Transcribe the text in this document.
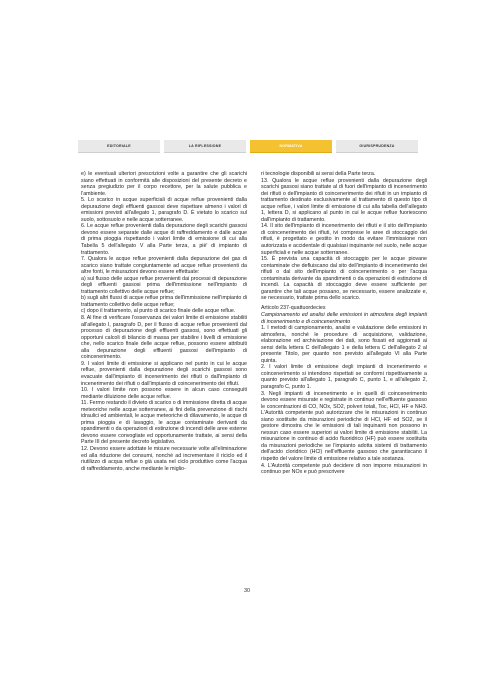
EDITORIALE	LA RIFLESSIONE	NORMATIVA	GIURISPRUDENZA

e) le eventuali ulteriori prescrizioni volte a garantire che gli scarichi siano effettuati in conformità alle disposizioni del presente decreto e senza pregiudizio per il corpo recettore, per la salute pubblica e l'ambiente.

5. Lo scarico in acque superficiali di acque reflue provenienti dalla depurazione degli effluenti gassosi deve rispettare almeno i valori di emissioni previsti all'allegato 1, paragrafo D. È vietato lo scarico sul suolo, sottosuolo e nelle acque sotterranee.

6. Le acque reflue provenienti dalla depurazione degli scarichi gassosi devono essere separate dalle acque di raffreddamento e dalle acque di prima pioggia rispettando i valori limite di emissione di cui alla Tabella 5 dell'allegato V alla Parte terza, a piè' di impianto di trattamento.

7. Qualora le acque reflue provenienti dalla depurazione dei gas di scarico siano trattate congiuntamente ad acque reflue provenienti da altre fonti, le misurazioni devono essere effettuate:

a) sul flusso delle acque reflue provenienti dai processi di depurazione degli effluenti gassosi prima dell'immissione nell'impianto di trattamento collettivo delle acque reflue;

b) sugli altri flussi di acque reflue prima dell'immissione nell'impianto di trattamento collettivo delle acque reflue;

c) dopo il trattamento, al punto di scarico finale delle acque reflue.

8. Al fine di verificare l'osservanza dei valori limite di emissione stabiliti all'allegato I, paragrafo D, per il flusso di acque reflue provenienti dal processo di depurazione degli effluenti gassosi, sono effettuati gli opportuni calcoli di bilancio di massa per stabilire i livelli di emissione che, nello scarico finale delle acque reflue, possono essere attribuiti alla depurazione degli effluenti gassosi dell'impianto di coincenerimento.

9. I valori limite di emissione si applicano nel punto in cui le acque reflue, provenienti dalla depurazione degli scarichi gassosi sono evacuate dall'impianto di incenerimento dei rifiuti o dall'impianto di incenerimento dei rifiuti o dall'impianto di coincenerimento dei rifiuti.

10. I valori limite non possono essere in alcun caso conseguiti mediante diluizione delle acque reflue.

11. Fermo restando il divieto di scarico o di immissione diretta di acque meteoriche nelle acque sotterranee, ai fini della prevenzione di rischi idraulici ed ambientali, le acque meteoriche di dilavamento, le acque di prima pioggia e di lavaggio, le acque contaminate derivanti da spandimenti o da operazioni di estinzione di incendi delle aree esterne devono essere convogliate ed opportunamente trattate, ai sensi della Parte III del presente decreto legislativo.

12. Devono essere adottate le misure necessarie volte all'eliminazione ed alla riduzione dei consumi, nonché ad incrementare il riciclo ed il riutilizzo di acqua reflue o già usata nel ciclo produttivo come l'acqua di raffreddamento, anche mediante le miglio-

ri tecnologie disponibili ai sensi della Parte terza.

13. Qualora le acque reflue provenienti dalla depurazione degli scarichi gassosi siano trattate al di fuori dell'impianto di incenerimento dei rifiuti o dell'impianto di coincenerimento dei rifiuti in un impianto di trattamento destinato esclusivamente al trattamento di questo tipo di acque reflue, i valori limite di emissione di cui alla tabella dell'allegato 1, lettera D, si applicano al punto in cui le acque reflue fuoriescono dall'impianto di trattamento.

14. Il sito dell'impianto di incenerimento dei rifiuti e il sito dell'impianto di coincenerimento dei rifiuti, ivi comprese le aree di stoccaggio dei rifiuti, è progettato e gestito in modo da evitare l'immissione non autorizzata e accidentale di qualsiasi inquinante nel suolo, nelle acque superficiali e nelle acque sotterranee.

15. È prevista una capacità di stoccaggio per le acque piovane contaminate che defluiscano dal sito dell'impianto di incenerimento dei rifiuti o dal sito dell'impianto di coincenerimento o per l'acqua contaminata derivante da spandimenti o da operazioni di estinzione di incendi. La capacità di stoccaggio deve essere sufficiente per garantire che tali acque possano, se necessario, essere analizzate e, se necessario, trattate prima dello scarico.

Articolo 237-quattuordecies

Campionamento ed analisi delle emissioni in atmosfera degli impianti di incenerimento e di coincenerimento

1. I metodi di campionamento, analisi e valutazione delle emissioni in atmosfera, nonché le procedure di acquisizione, validazione, elaborazione ed archiviazione dei dati, sono fissati ed aggiornati ai sensi della lettera C dell'allegato 1 e della lettera C dell'allegato 2 al presente Titolo, per quanto non previsto all'allegato VI alla Parte quinta.

2. I valori limite di emissione degli impianti di incenerimento e coincenerimento si intendono rispettati se conformi rispettivamente a quanto previsto all'allegato 1, paragrafo C, punto 1, e all'allegato 2, paragrafo C, punto 1.

3. Negli impianti di incenerimento e in quelli di coincenerimento devono essere misurate e registrate in continuo nell'effluente gassoso le concentrazioni di CO, NOx, SO2, polveri totali, Toc, HCl, HF e NH3. L'Autorità competente può autorizzare che le misurazioni in continuo siano sostituite da misurazioni periodiche di HCl, HF ed SO2, se il gestore dimostra che le emissioni di tali inquinanti non possono in nessun caso essere superiori ai valori limite di emissione stabiliti. La misurazione in continuo di acido fluoridrico (HF) può essere sostituita da misurazioni periodiche se l'impianto adotta sistemi di trattamento dell'acido cloridrico (HCl) nell'effluente gassoso che garantiscano il rispetto del valore limite di emissione relativo a tale sostanza.

4. L'Autorità competente può decidere di non imporre misurazioni in continuo per NOx e può prescrivere

30
